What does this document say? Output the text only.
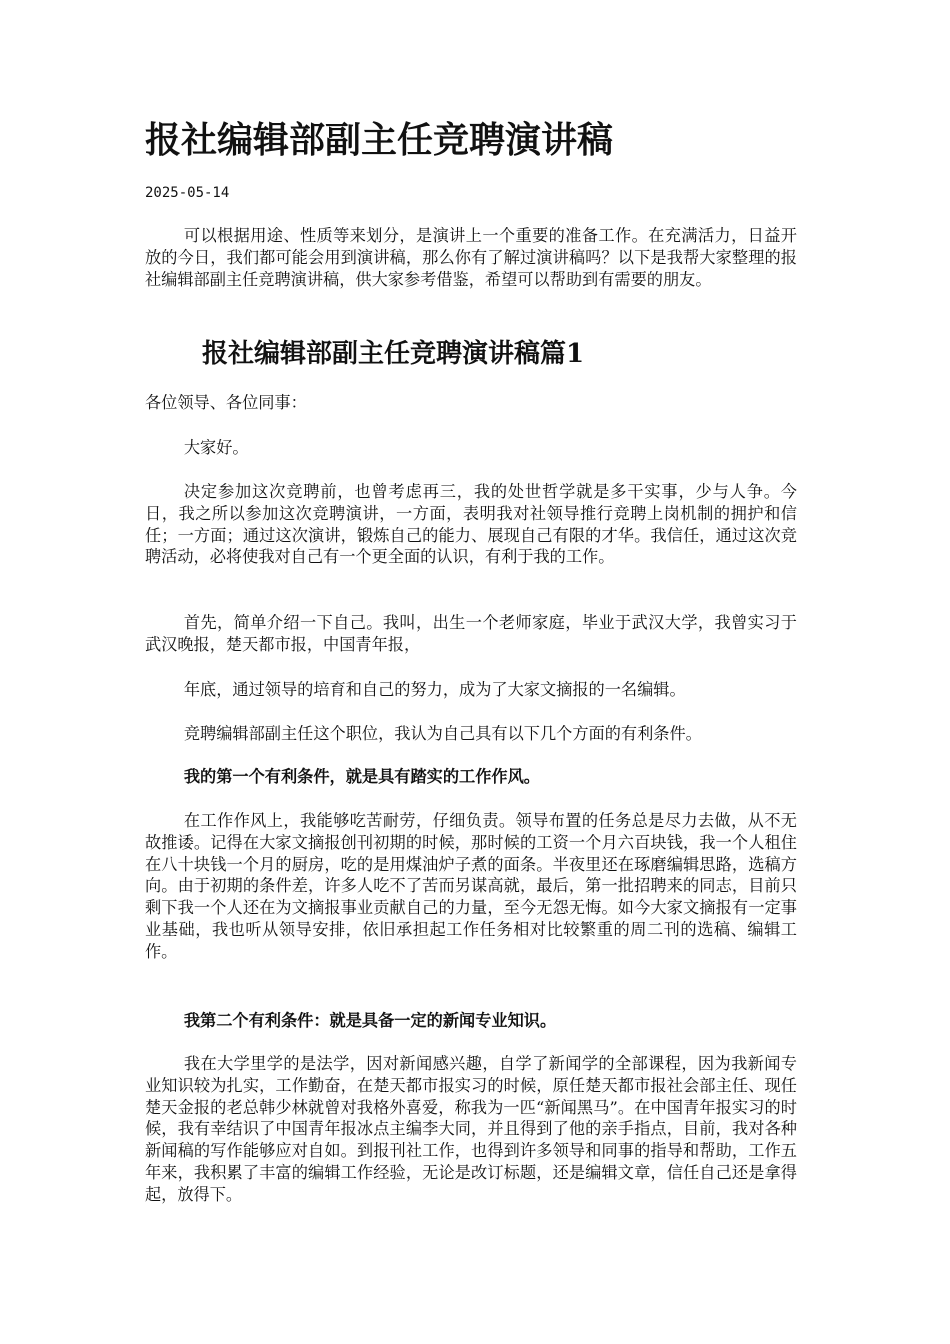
报社编辑部副主任竞聘演讲稿
2025-05-14

可以根据用途、性质等来划分，是演讲上一个重要的准备工作。在充满活力，日益开放的今日，我们都可能会用到演讲稿，那么你有了解过演讲稿吗？以下是我帮大家整理的报社编辑部副主任竞聘演讲稿，供大家参考借鉴，希望可以帮助到有需要的朋友。

报社编辑部副主任竞聘演讲稿篇1

各位领导、各位同事：

大家好。

决定参加这次竞聘前，也曾考虑再三，我的处世哲学就是多干实事，少与人争。今日，我之所以参加这次竞聘演讲，一方面，表明我对社领导推行竞聘上岗机制的拥护和信任；一方面；通过这次演讲，锻炼自己的能力、展现自己有限的才华。我信任，通过这次竞聘活动，必将使我对自己有一个更全面的认识，有利于我的工作。

首先，简单介绍一下自己。我叫，出生一个老师家庭，毕业于武汉大学，我曾实习于武汉晚报，楚天都市报，中国青年报，

年底，通过领导的培育和自己的努力，成为了大家文摘报的一名编辑。

竞聘编辑部副主任这个职位，我认为自己具有以下几个方面的有利条件。

我的第一个有利条件，就是具有踏实的工作作风。

在工作作风上，我能够吃苦耐劳，仔细负责。领导布置的任务总是尽力去做，从不无故推诿。记得在大家文摘报创刊初期的时候，那时候的工资一个月六百块钱，我一个人租住在八十块钱一个月的厨房，吃的是用煤油炉子煮的面条。半夜里还在琢磨编辑思路，选稿方向。由于初期的条件差，许多人吃不了苦而另谋高就，最后，第一批招聘来的同志，目前只剩下我一个人还在为文摘报事业贡献自己的力量，至今无怨无悔。如今大家文摘报有一定事业基础，我也听从领导安排，依旧承担起工作任务相对比较繁重的周二刊的选稿、编辑工作。

我第二个有利条件：就是具备一定的新闻专业知识。

我在大学里学的是法学，因对新闻感兴趣，自学了新闻学的全部课程，因为我新闻专业知识较为扎实，工作勤奋，在楚天都市报实习的时候，原任楚天都市报社会部主任、现任楚天金报的老总韩少林就曾对我格外喜爱，称我为一匹“新闻黑马”。在中国青年报实习的时候，我有幸结识了中国青年报冰点主编李大同，并且得到了他的亲手指点，目前，我对各种新闻稿的写作能够应对自如。到报刊社工作，也得到许多领导和同事的指导和帮助，工作五年来，我积累了丰富的编辑工作经验，无论是改订标题，还是编辑文章，信任自己还是拿得起，放得下。
